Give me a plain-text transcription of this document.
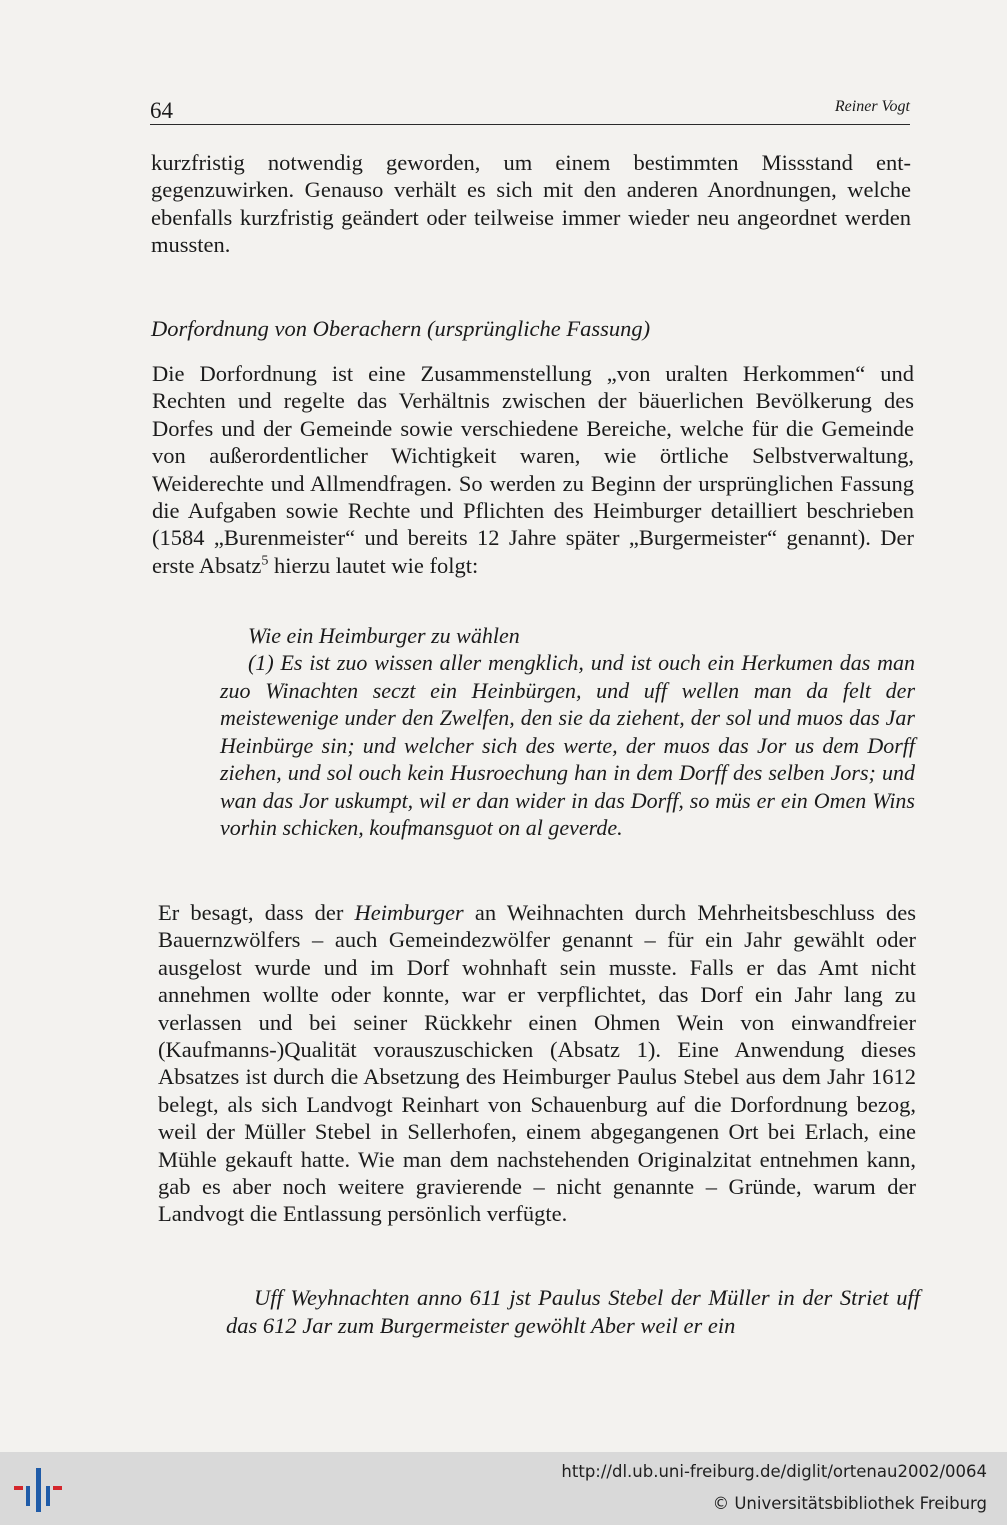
64	Reiner Vogt

kurzfristig notwendig geworden, um einem bestimmten Missstand entgegenzuwirken. Genauso verhält es sich mit den anderen Anordnungen, welche ebenfalls kurzfristig geändert oder teilweise immer wieder neu angeordnet werden mussten.

Dorfordnung von Oberachern (ursprüngliche Fassung)

Die Dorfordnung ist eine Zusammenstellung „von uralten Herkommen“ und Rechten und regelte das Verhältnis zwischen der bäuerlichen Bevölkerung des Dorfes und der Gemeinde sowie verschiedene Bereiche, welche für die Gemeinde von außerordentlicher Wichtigkeit waren, wie örtliche Selbstverwaltung, Weiderechte und Allmendfragen. So werden zu Beginn der ursprünglichen Fassung die Aufgaben sowie Rechte und Pflichten des Heimburger detailliert beschrieben (1584 „Burenmeister“ und bereits 12 Jahre später „Burgermeister“ genannt). Der erste Absatz$^5$ hierzu lautet wie folgt:

Wie ein Heimburger zu wählen

(1) Es ist zuo wissen aller mengklich, und ist ouch ein Herkumen das man zuo Winachten seczt ein Heinbürgen, und uff wellen man da felt der meistewenige under den Zwelfen, den sie da ziehent, der sol und muos das Jar Heinbürge sin; und welcher sich des werte, der muos das Jor us dem Dorff ziehen, und sol ouch kein Husroechung han in dem Dorff des selben Jors; und wan das Jor uskumpt, wil er dan wider in das Dorff, so müs er ein Omen Wins vorhin schicken, koufmansguot on al geverde.

Er besagt, dass der Heimburger an Weihnachten durch Mehrheitsbeschluss des Bauernzwölfers – auch Gemeindezwölfer genannt – für ein Jahr gewählt oder ausgelost wurde und im Dorf wohnhaft sein musste. Falls er das Amt nicht annehmen wollte oder konnte, war er verpflichtet, das Dorf ein Jahr lang zu verlassen und bei seiner Rückkehr einen Ohmen Wein von einwandfreier (Kaufmanns-)Qualität vorauszuschicken (Absatz 1). Eine Anwendung dieses Absatzes ist durch die Absetzung des Heimburger Paulus Stebel aus dem Jahr 1612 belegt, als sich Landvogt Reinhart von Schauenburg auf die Dorfordnung bezog, weil der Müller Stebel in Sellerhofen, einem abgegangenen Ort bei Erlach, eine Mühle gekauft hatte. Wie man dem nachstehenden Originalzitat entnehmen kann, gab es aber noch weitere gravierende – nicht genannte – Gründe, warum der Landvogt die Entlassung persönlich verfügte.

Uff Weyhnachten anno 611 jst Paulus Stebel der Müller in der Striet uff das 612 Jar zum Burgermeister gewöhlt Aber weil er ein

http://dl.ub.uni-freiburg.de/diglit/ortenau2002/0064
© Universitätsbibliothek Freiburg
